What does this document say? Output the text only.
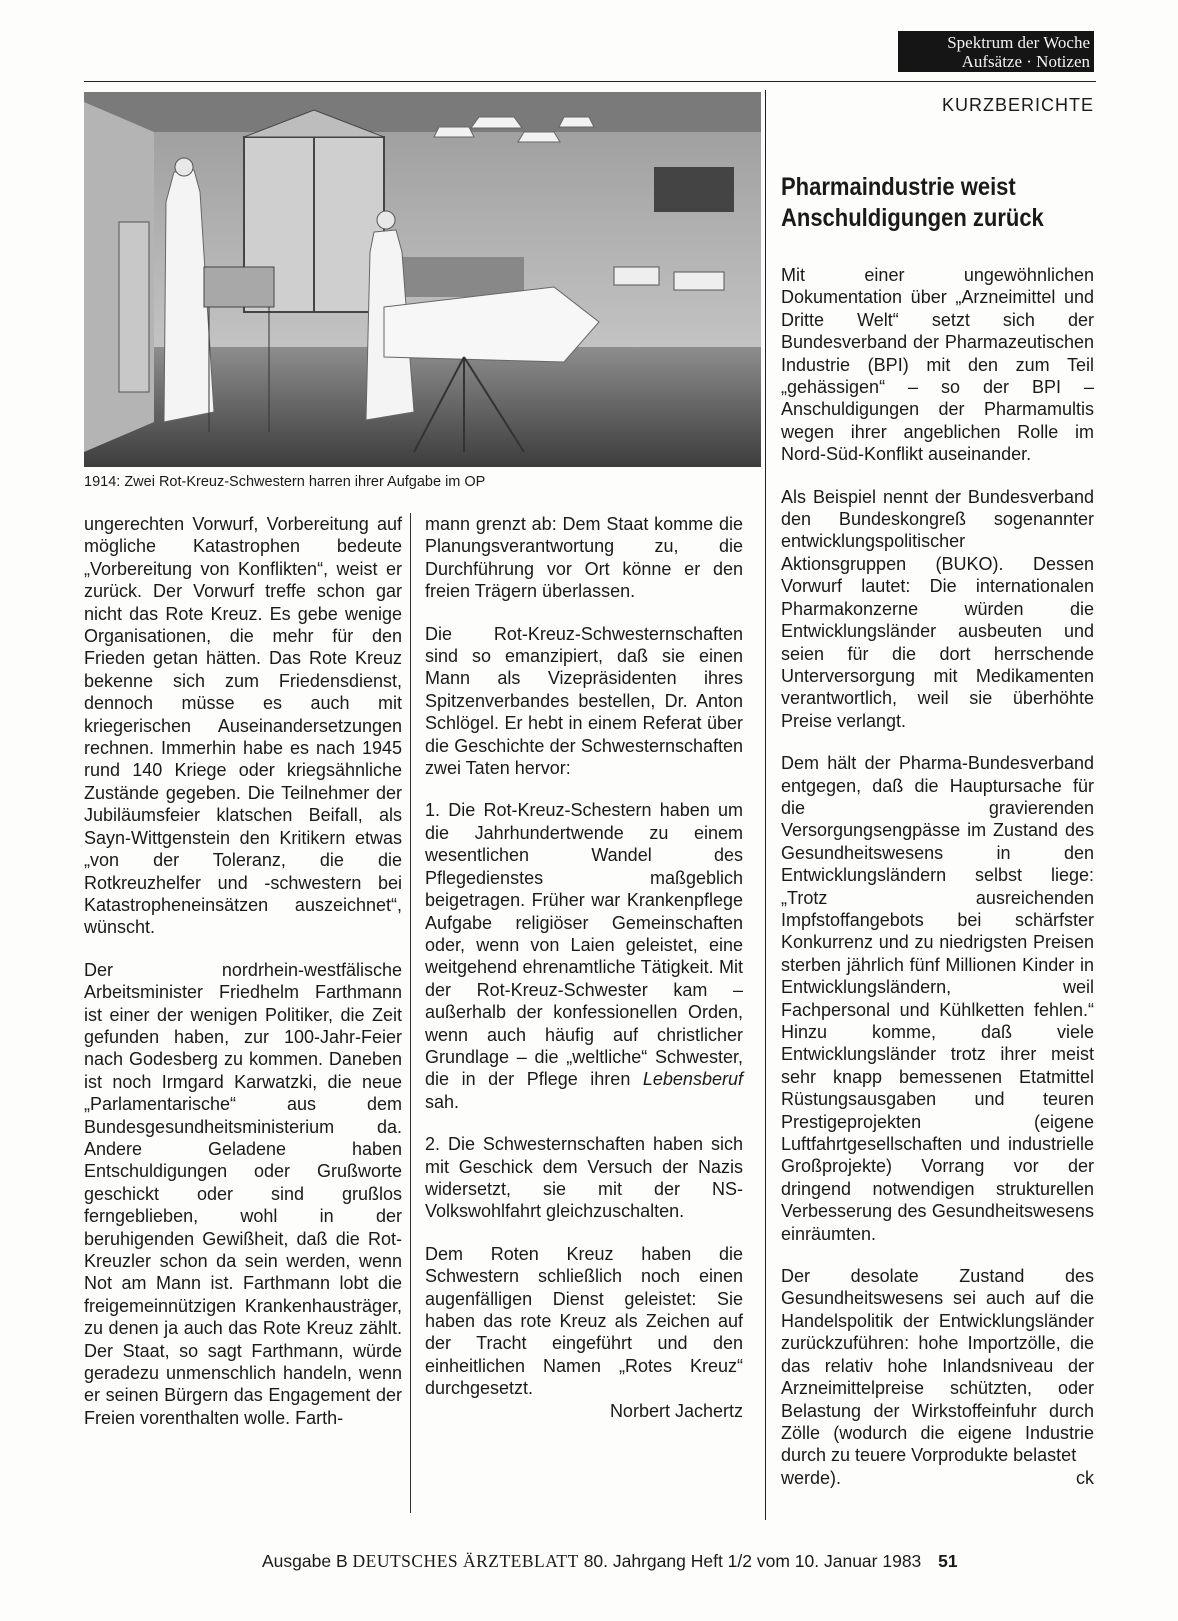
Spektrum der Woche
Aufsätze · Notizen
KURZBERICHTE
1914: Zwei Rot-Kreuz-Schwestern harren ihrer Aufgabe im OP

ungerechten Vorwurf, Vorbereitung auf mögliche Katastrophen bedeute „Vorbereitung von Konflikten“, weist er zurück. Der Vorwurf treffe schon gar nicht das Rote Kreuz. Es gebe wenige Organisationen, die mehr für den Frieden getan hätten. Das Rote Kreuz bekenne sich zum Friedensdienst, dennoch müsse es auch mit kriegerischen Auseinandersetzungen rechnen. Immerhin habe es nach 1945 rund 140 Kriege oder kriegsähnliche Zustände gegeben. Die Teilnehmer der Jubiläumsfeier klatschen Beifall, als Sayn-Wittgenstein den Kritikern etwas „von der Toleranz, die die Rotkreuzhelfer und -schwestern bei Katastropheneinsätzen auszeichnet“, wünscht.

Der nordrhein-westfälische Arbeitsminister Friedhelm Farthmann ist einer der wenigen Politiker, die Zeit gefunden haben, zur 100-Jahr-Feier nach Godesberg zu kommen. Daneben ist noch Irmgard Karwatzki, die neue „Parlamentarische“ aus dem Bundesgesundheitsministerium da. Andere Geladene haben Entschuldigungen oder Grußworte geschickt oder sind grußlos ferngeblieben, wohl in der beruhigenden Gewißheit, daß die Rot-Kreuzler schon da sein werden, wenn Not am Mann ist. Farthmann lobt die freigemeinnützigen Krankenhausträger, zu denen ja auch das Rote Kreuz zählt. Der Staat, so sagt Farthmann, würde geradezu unmenschlich handeln, wenn er seinen Bürgern das Engagement der Freien vorenthalten wolle. Farth-

mann grenzt ab: Dem Staat komme die Planungsverantwortung zu, die Durchführung vor Ort könne er den freien Trägern überlassen.

Die Rot-Kreuz-Schwesternschaften sind so emanzipiert, daß sie einen Mann als Vizepräsidenten ihres Spitzenverbandes bestellen, Dr. Anton Schlögel. Er hebt in einem Referat über die Geschichte der Schwesternschaften zwei Taten hervor:

1. Die Rot-Kreuz-Schestern haben um die Jahrhundertwende zu einem wesentlichen Wandel des Pflegedienstes maßgeblich beigetragen. Früher war Krankenpflege Aufgabe religiöser Gemeinschaften oder, wenn von Laien geleistet, eine weitgehend ehrenamtliche Tätigkeit. Mit der Rot-Kreuz-Schwester kam – außerhalb der konfessionellen Orden, wenn auch häufig auf christlicher Grundlage – die „weltliche“ Schwester, die in der Pflege ihren Lebensberuf sah.

2. Die Schwesternschaften haben sich mit Geschick dem Versuch der Nazis widersetzt, sie mit der NS-Volkswohlfahrt gleichzuschalten.

Dem Roten Kreuz haben die Schwestern schließlich noch einen augenfälligen Dienst geleistet: Sie haben das rote Kreuz als Zeichen auf der Tracht eingeführt und den einheitlichen Namen „Rotes Kreuz“ durchgesetzt.

Norbert Jachertz
Pharmaindustrie weist
Anschuldigungen zurück

Mit einer ungewöhnlichen Dokumentation über „Arzneimittel und Dritte Welt“ setzt sich der Bundesverband der Pharmazeutischen Industrie (BPI) mit den zum Teil „gehässigen“ – so der BPI – Anschuldigungen der Pharmamultis wegen ihrer angeblichen Rolle im Nord-Süd-Konflikt auseinander.

Als Beispiel nennt der Bundesverband den Bundeskongreß sogenannter entwicklungspolitischer Aktionsgruppen (BUKO). Dessen Vorwurf lautet: Die internationalen Pharmakonzerne würden die Entwicklungsländer ausbeuten und seien für die dort herrschende Unterversorgung mit Medikamenten verantwortlich, weil sie überhöhte Preise verlangt.

Dem hält der Pharma-Bundesverband entgegen, daß die Hauptursache für die gravierenden Versorgungsengpässe im Zustand des Gesundheitswesens in den Entwicklungsländern selbst liege: „Trotz ausreichenden Impfstoffangebots bei schärfster Konkurrenz und zu niedrigsten Preisen sterben jährlich fünf Millionen Kinder in Entwicklungsländern, weil Fachpersonal und Kühlketten fehlen.“ Hinzu komme, daß viele Entwicklungsländer trotz ihrer meist sehr knapp bemessenen Etatmittel Rüstungsausgaben und teuren Prestigeprojekten (eigene Luftfahrtgesellschaften und industrielle Großprojekte) Vorrang vor der dringend notwendigen strukturellen Verbesserung des Gesundheitswesens einräumten.

Der desolate Zustand des Gesundheitswesens sei auch auf die Handelspolitik der Entwicklungsländer zurückzuführen: hohe Importzölle, die das relativ hohe Inlandsniveau der Arzneimittelpreise schützten, oder Belastung der Wirkstoffeinfuhr durch Zölle (wodurch die eigene Industrie durch zu teuere Vorprodukte belastet

werde).	ck
Ausgabe B DEUTSCHES ÄRZTEBLATT 80. Jahrgang Heft 1/2 vom 10. Januar 1983 51
